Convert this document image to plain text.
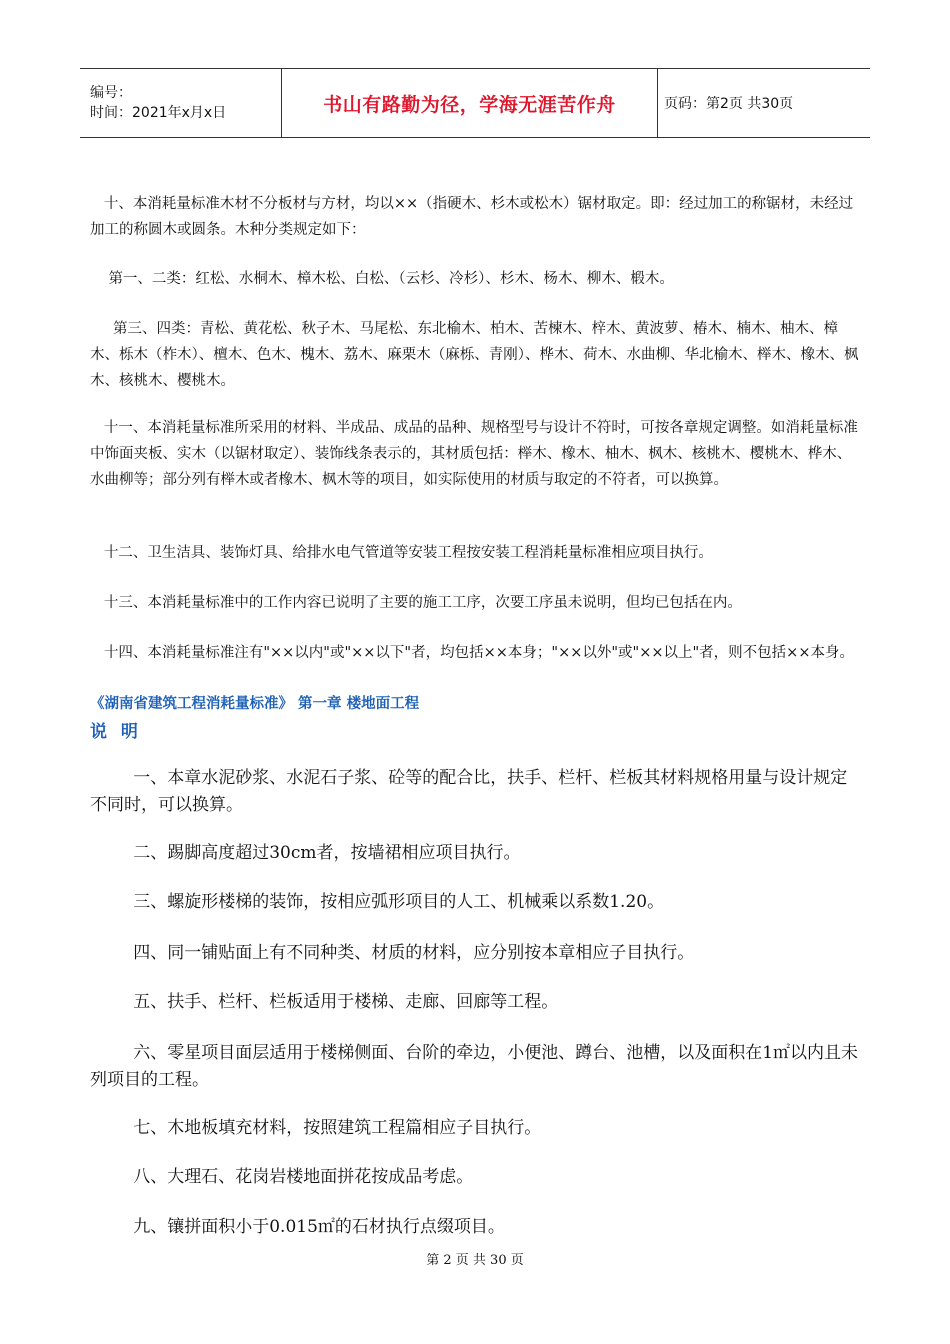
编号：
时间：2021年x月x日	书山有路勤为径，学海无涯苦作舟	页码：第2页 共30页

十、本消耗量标准木材不分板材与方材，均以××（指硬木、杉木或松木）锯材取定。即：经过加工的称锯材，未经过加工的称圆木或圆条。木种分类规定如下：

第一、二类：红松、水桐木、樟木松、白松、（云杉、冷杉）、杉木、杨木、柳木、椴木。

第三、四类：青松、黄花松、秋子木、马尾松、东北榆木、柏木、苦楝木、梓木、黄波萝、椿木、楠木、柚木、樟木、栎木（柞木）、檀木、色木、槐木、荔木、麻栗木（麻栎、青刚）、桦木、荷木、水曲柳、华北榆木、榉木、橡木、枫木、核桃木、樱桃木。

十一、本消耗量标准所采用的材料、半成品、成品的品种、规格型号与设计不符时，可按各章规定调整。如消耗量标准中饰面夹板、实木（以锯材取定）、装饰线条表示的，其材质包括：榉木、橡木、柚木、枫木、核桃木、樱桃木、桦木、水曲柳等；部分列有榉木或者橡木、枫木等的项目，如实际使用的材质与取定的不符者，可以换算。

十二、卫生洁具、装饰灯具、给排水电气管道等安装工程按安装工程消耗量标准相应项目执行。

十三、本消耗量标准中的工作内容已说明了主要的施工工序，次要工序虽未说明，但均已包括在内。

十四、本消耗量标准注有"××以内"或"××以下"者，均包括××本身；"××以外"或"××以上"者，则不包括××本身。

《湖南省建筑工程消耗量标准》 第一章 楼地面工程
说 明

一、本章水泥砂浆、水泥石子浆、砼等的配合比，扶手、栏杆、栏板其材料规格用量与设计规定不同时，可以换算。

二、踢脚高度超过30cm者，按墙裙相应项目执行。

三、螺旋形楼梯的装饰，按相应弧形项目的人工、机械乘以系数1.20。

四、同一铺贴面上有不同种类、材质的材料，应分别按本章相应子目执行。

五、扶手、栏杆、栏板适用于楼梯、走廊、回廊等工程。

六、零星项目面层适用于楼梯侧面、台阶的牵边，小便池、蹲台、池槽，以及面积在1㎡以内且未列项目的工程。

七、木地板填充材料，按照建筑工程篇相应子目执行。

八、大理石、花岗岩楼地面拼花按成品考虑。

九、镶拼面积小于0.015㎡的石材执行点缀项目。

第 2 页 共 30 页
